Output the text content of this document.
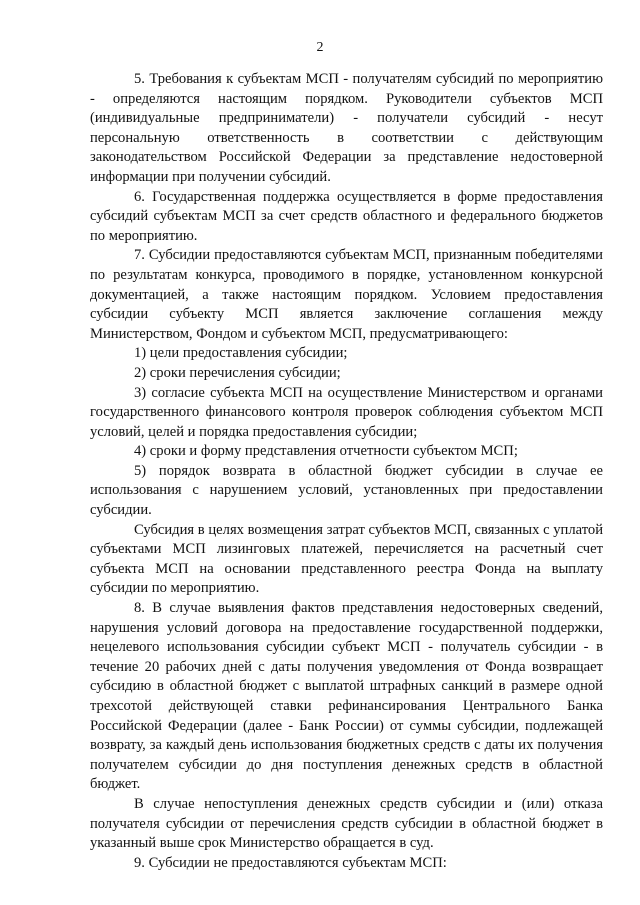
2

5. Требования к субъектам МСП - получателям субсидий по мероприятию - определяются настоящим порядком. Руководители субъектов МСП (индивидуальные предприниматели) - получатели субсидий - несут персональную ответственность в соответствии с действующим законодательством Российской Федерации за представление недостоверной информации при получении субсидий.

6. Государственная поддержка осуществляется в форме предоставления субсидий субъектам МСП за счет средств областного и федерального бюджетов по мероприятию.

7. Субсидии предоставляются субъектам МСП, признанным победителями по результатам конкурса, проводимого в порядке, установленном конкурсной документацией, а также настоящим порядком. Условием предоставления субсидии субъекту МСП является заключение соглашения между Министерством, Фондом и субъектом МСП, предусматривающего:

1) цели предоставления субсидии;

2) сроки перечисления субсидии;

3) согласие субъекта МСП на осуществление Министерством и органами государственного финансового контроля проверок соблюдения субъектом МСП условий, целей и порядка предоставления субсидии;

4) сроки и форму представления отчетности субъектом МСП;

5) порядок возврата в областной бюджет субсидии в случае ее использования с нарушением условий, установленных при предоставлении субсидии.

Субсидия в целях возмещения затрат субъектов МСП, связанных с уплатой субъектами МСП лизинговых платежей, перечисляется на расчетный счет субъекта МСП на основании представленного реестра Фонда на выплату субсидии по мероприятию.

8. В случае выявления фактов представления недостоверных сведений, нарушения условий договора на предоставление государственной поддержки, нецелевого использования субсидии субъект МСП - получатель субсидии - в течение 20 рабочих дней с даты получения уведомления от Фонда возвращает субсидию в областной бюджет с выплатой штрафных санкций в размере одной трехсотой действующей ставки рефинансирования Центрального Банка Российской Федерации (далее - Банк России) от суммы субсидии, подлежащей возврату, за каждый день использования бюджетных средств с даты их получения получателем субсидии до дня поступления денежных средств в областной бюджет.

В случае непоступления денежных средств субсидии и (или) отказа получателя субсидии от перечисления средств субсидии в областной бюджет в указанный выше срок Министерство обращается в суд.

9. Субсидии не предоставляются субъектам МСП:
